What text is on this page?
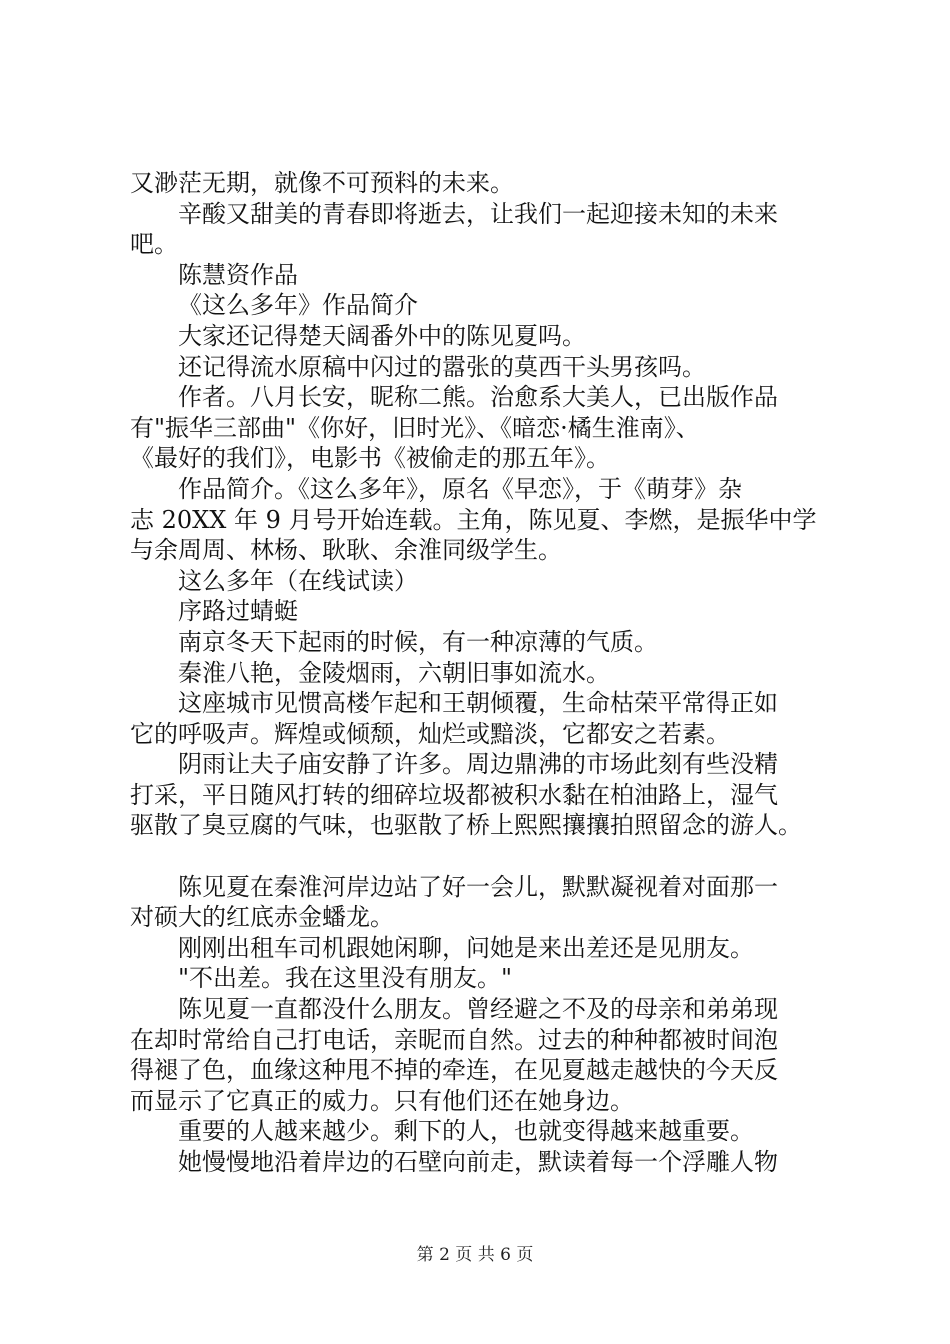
又渺茫无期，就像不可预料的未来。
辛酸又甜美的青春即将逝去，让我们一起迎接未知的未来
吧。
陈慧资作品
《这么多年》作品简介
大家还记得楚天阔番外中的陈见夏吗。
还记得流水原稿中闪过的嚣张的莫西干头男孩吗。
作者。八月长安，昵称二熊。治愈系大美人，已出版作品
有"振华三部曲"《你好，旧时光》、《暗恋·橘生淮南》、
《最好的我们》，电影书《被偷走的那五年》。
作品简介。《这么多年》，原名《早恋》，于《萌芽》杂
志 20XX 年 9 月号开始连载。主角，陈见夏、李燃，是振华中学
与余周周、林杨、耿耿、余淮同级学生。
这么多年（在线试读）
序路过蜻蜓
南京冬天下起雨的时候，有一种凉薄的气质。
秦淮八艳，金陵烟雨，六朝旧事如流水。
这座城市见惯高楼乍起和王朝倾覆，生命枯荣平常得正如
它的呼吸声。辉煌或倾颓，灿烂或黯淡，它都安之若素。
阴雨让夫子庙安静了许多。周边鼎沸的市场此刻有些没精
打采，平日随风打转的细碎垃圾都被积水黏在柏油路上，湿气
驱散了臭豆腐的气味，也驱散了桥上熙熙攘攘拍照留念的游人。
陈见夏在秦淮河岸边站了好一会儿，默默凝视着对面那一
对硕大的红底赤金蟠龙。
刚刚出租车司机跟她闲聊，问她是来出差还是见朋友。
"不出差。我在这里没有朋友。"
陈见夏一直都没什么朋友。曾经避之不及的母亲和弟弟现
在却时常给自己打电话，亲昵而自然。过去的种种都被时间泡
得褪了色，血缘这种甩不掉的牵连，在见夏越走越快的今天反
而显示了它真正的威力。只有他们还在她身边。
重要的人越来越少。剩下的人，也就变得越来越重要。
她慢慢地沿着岸边的石壁向前走，默读着每一个浮雕人物
第 2 页 共 6 页
